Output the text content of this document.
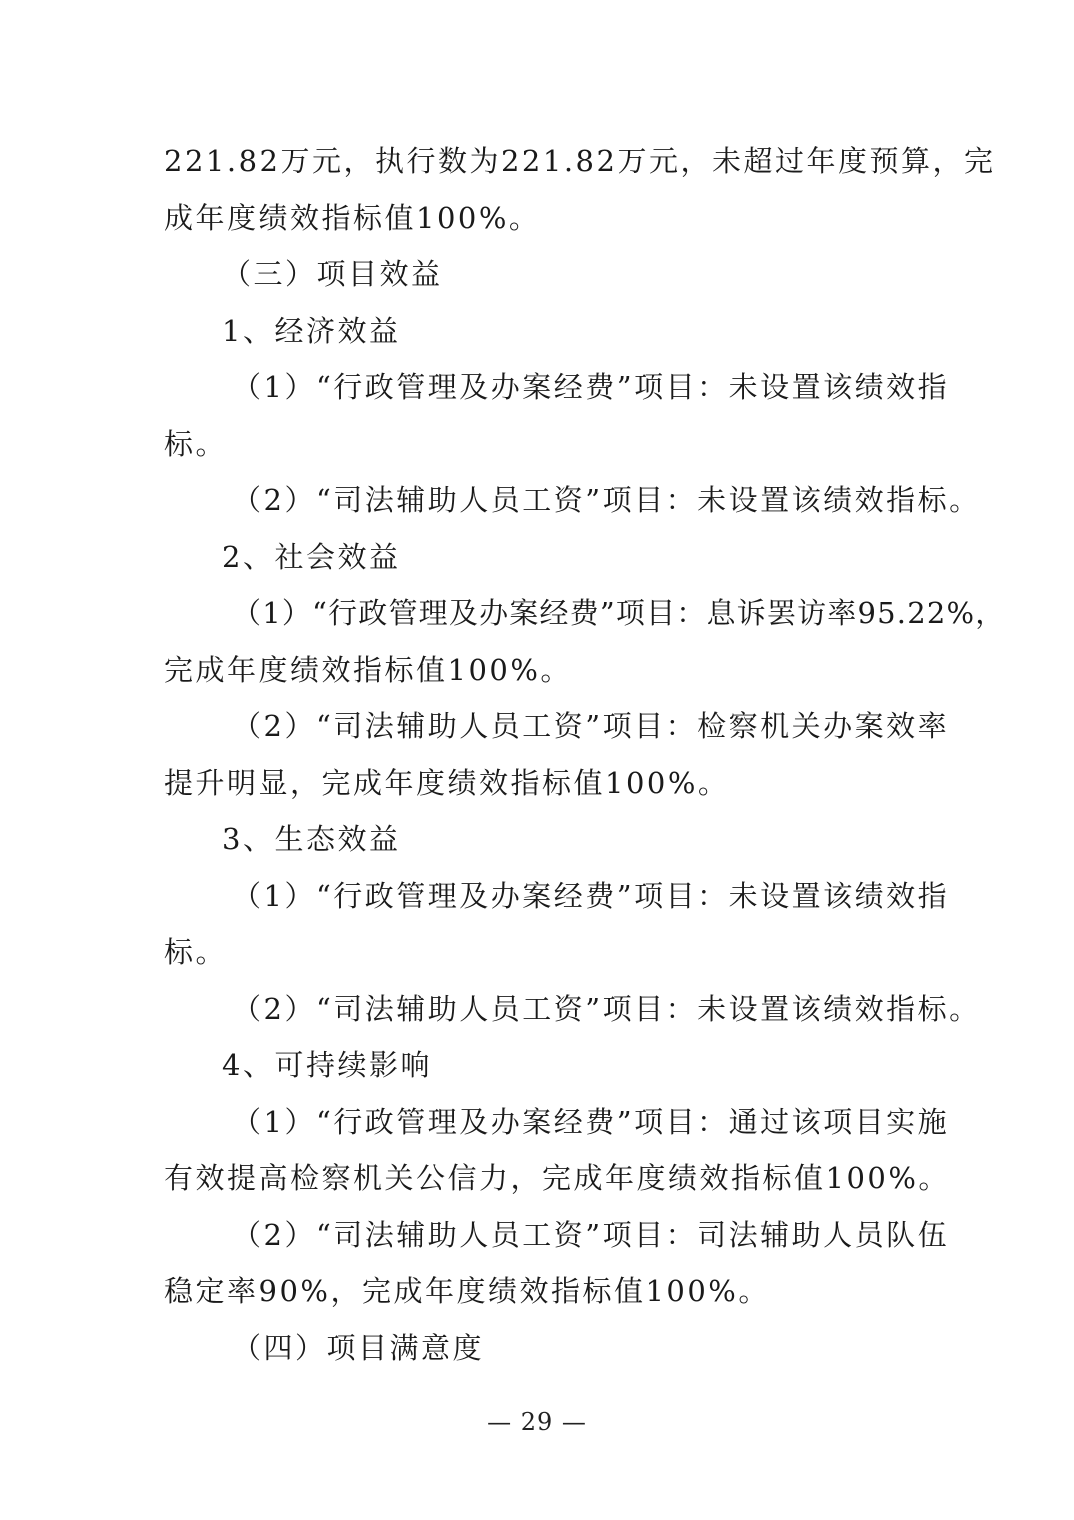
221.82万元，执行数为221.82万元，未超过年度预算，完

成年度绩效指标值100%。

（三）项目效益

1、经济效益

（1）“行政管理及办案经费”项目：未设置该绩效指

标。

（2）“司法辅助人员工资”项目：未设置该绩效指标。

2、社会效益

（1）“行政管理及办案经费”项目：息诉罢访率95.22%，

完成年度绩效指标值100%。

（2）“司法辅助人员工资”项目：检察机关办案效率

提升明显，完成年度绩效指标值100%。

3、生态效益

（1）“行政管理及办案经费”项目：未设置该绩效指

标。

（2）“司法辅助人员工资”项目：未设置该绩效指标。

4、可持续影响

（1）“行政管理及办案经费”项目：通过该项目实施

有效提高检察机关公信力，完成年度绩效指标值100%。

（2）“司法辅助人员工资”项目：司法辅助人员队伍

稳定率90%，完成年度绩效指标值100%。

（四）项目满意度

— 29 —
